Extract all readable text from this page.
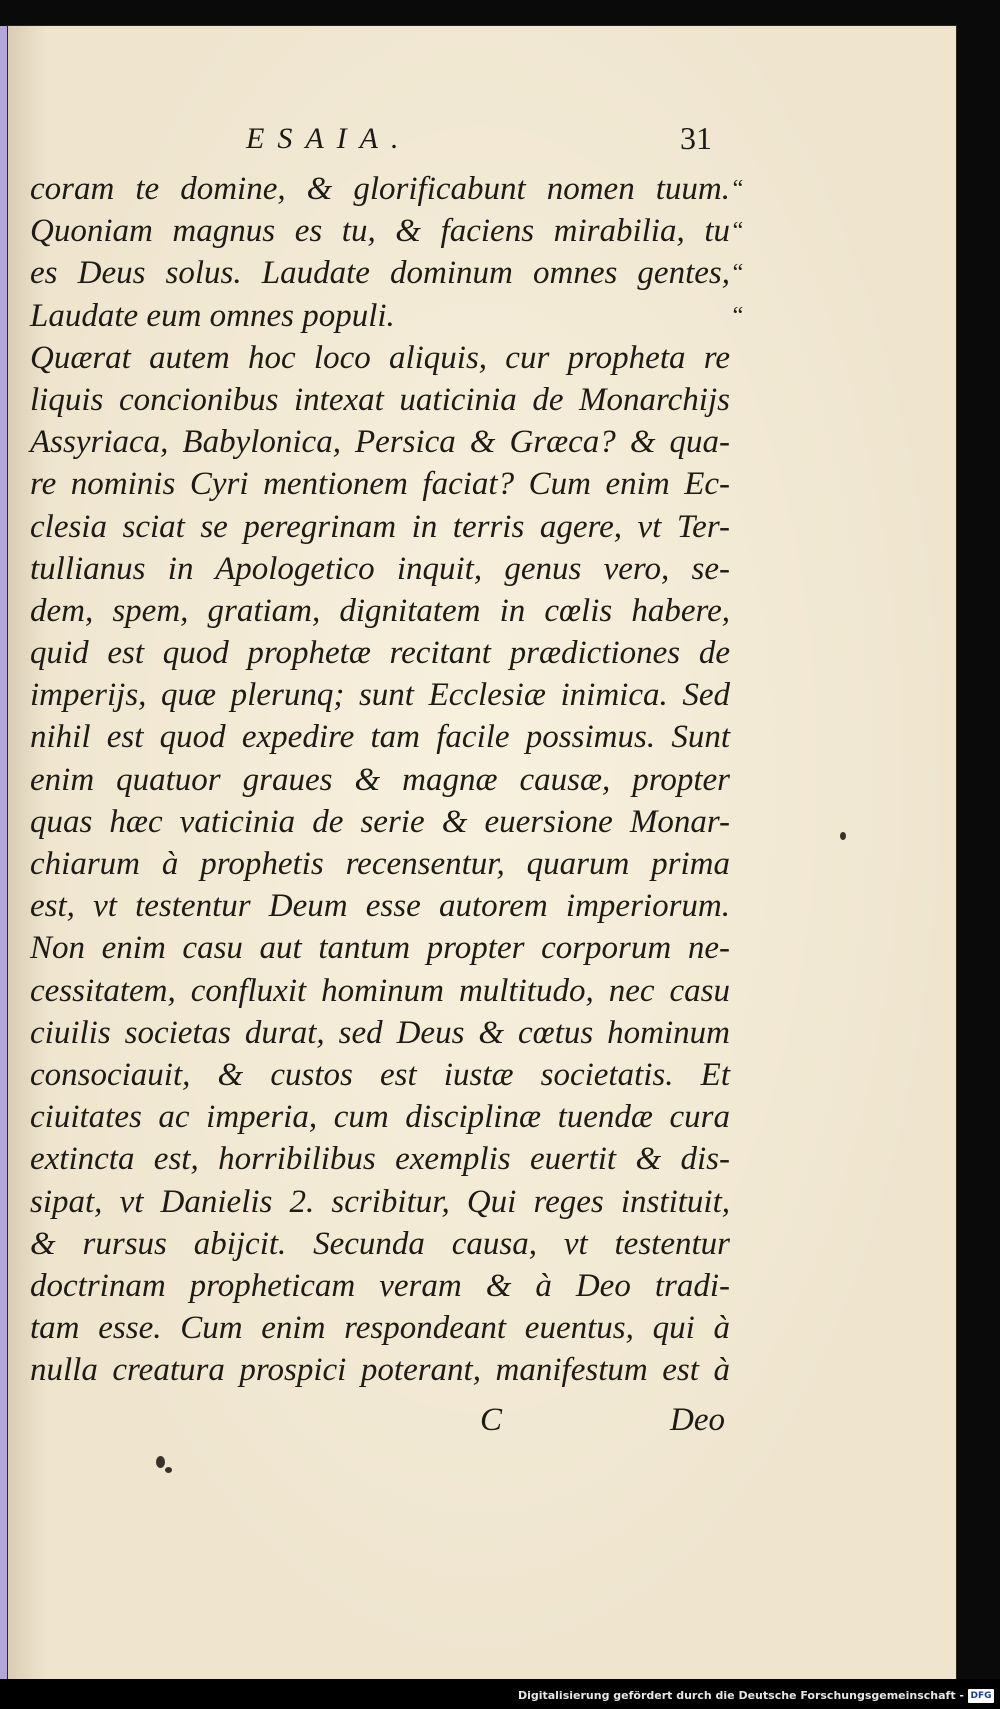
ESAIA.	31
coram te domine, & glorificabunt nomen tuum.
Quoniam magnus es tu, & faciens mirabilia, tu
es Deus solus. Laudate dominum omnes gentes,
Laudate eum omnes populi.
Quærat autem hoc loco aliquis, cur propheta re
liquis concionibus intexat uaticinia de Monarchijs
Assyriaca, Babylonica, Persica & Græca? & qua-
re nominis Cyri mentionem faciat? Cum enim Ec-
clesia sciat se peregrinam in terris agere, vt Ter-
tullianus in Apologetico inquit, genus vero, se-
dem, spem, gratiam, dignitatem in cœlis habere,
quid est quod prophetæ recitant prædictiones de
imperijs, quæ plerunq; sunt Ecclesiæ inimica. Sed
nihil est quod expedire tam facile possimus. Sunt
enim quatuor graues & magnæ causæ, propter
quas hæc vaticinia de serie & euersione Monar-
chiarum à prophetis recensentur, quarum prima
est, vt testentur Deum esse autorem imperiorum.
Non enim casu aut tantum propter corporum ne-
cessitatem, confluxit hominum multitudo, nec casu
ciuilis societas durat, sed Deus & cœtus hominum
consociauit, & custos est iustæ societatis. Et
ciuitates ac imperia, cum disciplinæ tuendæ cura
extincta est, horribilibus exemplis euertit & dis-
sipat, vt Danielis 2. scribitur, Qui reges instituit,
& rursus abijcit. Secunda causa, vt testentur
doctrinam propheticam veram & à Deo tradi-
tam esse. Cum enim respondeant euentus, qui à
nulla creatura prospici poterant, manifestum est à
“
“
“
“
C	Deo
Digitalisierung gefördert durch die Deutsche Forschungsgemeinschaft - DFG
